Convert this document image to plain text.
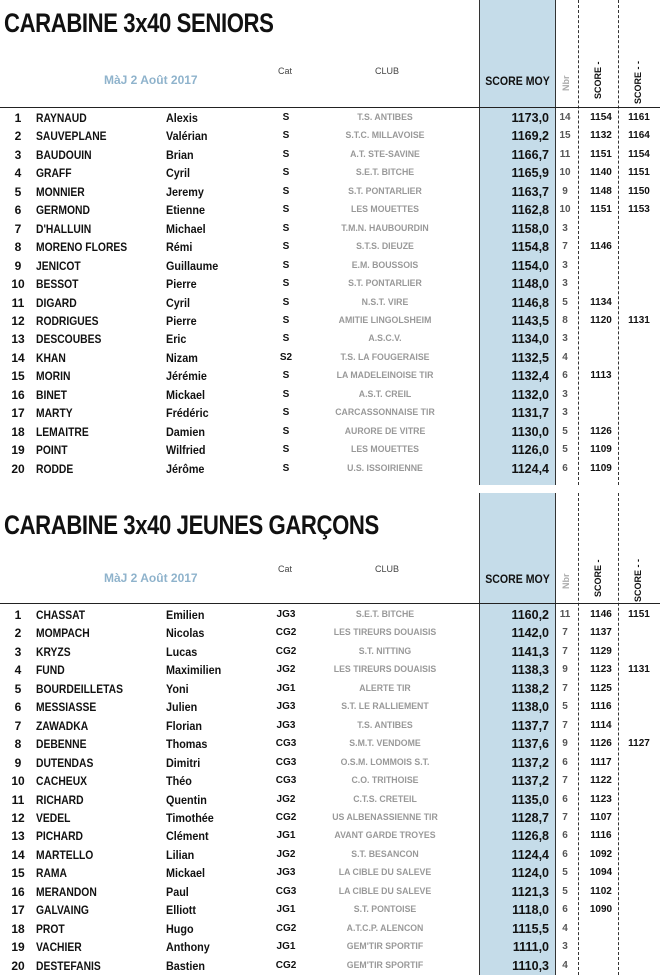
CARABINE 3x40 SENIORS
MàJ 2 Août 2017
Cat	CLUB
SCORE MOY Nbr SCORE -	SCORE - -
1	RAYNAUD	Alexis	S	T.S. ANTIBES	1173,0 14	1154	1161
2	SAUVEPLANE	Valérian	S	S.T.C. MILLAVOISE	1169,2 15	1132	1164
3	BAUDOUIN	Brian	S	A.T. STE-SAVINE	1166,7 11	1151	1154
4	GRAFF	Cyril	S	S.E.T. BITCHE	1165,9 10	1140	1151
5	MONNIER	Jeremy	S	S.T. PONTARLIER	1163,7	9	1148	1150
6	GERMOND	Etienne	S	LES MOUETTES	1162,8 10	1151	1153
7	D'HALLUIN	Michael	S	T.M.N. HAUBOURDIN	1158,0	3
8	MORENO FLORES	Rémi	S	S.T.S. DIEUZE	1154,8	7	1146
9	JENICOT	Guillaume	S	E.M. BOUSSOIS	1154,0	3
10 BESSOT	Pierre	S	S.T. PONTARLIER	1148,0	3
11 DIGARD	Cyril	S	N.S.T. VIRE	1146,8	5	1134
12 RODRIGUES	Pierre	S	AMITIE LINGOLSHEIM	1143,5	8	1120	1131
13 DESCOUBES	Eric	S	A.S.C.V.	1134,0	3
14 KHAN	Nizam	S2	T.S. LA FOUGERAISE	1132,5	4
15 MORIN	Jérémie	S	LA MADELEINOISE TIR	1132,4	6	1113
16 BINET	Mickael	S	A.S.T. CREIL	1132,0	3
17 MARTY	Frédéric	S	CARCASSONNAISE TIR	1131,7	3
18 LEMAITRE	Damien	S	AURORE DE VITRE	1130,0	5	1126
19 POINT	Wilfried	S	LES MOUETTES	1126,0	5	1109
20 RODDE	Jérôme	S	U.S. ISSOIRIENNE	1124,4	6	1109
CARABINE 3x40 JEUNES GARÇONS
MàJ 2 Août 2017
Cat	CLUB
SCORE MOY Nbr SCORE -	SCORE - -
1	CHASSAT	Emilien	JG3	S.E.T. BITCHE	1160,2 11	1146	1151
2	MOMPACH	Nicolas	CG2	LES TIREURS DOUAISIS	1142,0	7	1137
3	KRYZS	Lucas	CG2	S.T. NITTING	1141,3	7	1129
4	FUND	Maximilien	JG2	LES TIREURS DOUAISIS	1138,3	9	1123	1131
5	BOURDEILLETAS	Yoni	JG1	ALERTE TIR	1138,2	7	1125
6	MESSIASSE	Julien	JG3	S.T. LE RALLIEMENT	1138,0	5	1116
7	ZAWADKA	Florian	JG3	T.S. ANTIBES	1137,7	7	1114
8	DEBENNE	Thomas	CG3	S.M.T. VENDOME	1137,6	9	1126	1127
9	DUTENDAS	Dimitri	CG3	O.S.M. LOMMOIS S.T.	1137,2	6	1117
10 CACHEUX	Théo	CG3	C.O. TRITHOISE	1137,2	7	1122
11 RICHARD	Quentin	JG2	C.T.S. CRETEIL	1135,0	6	1123
12 VEDEL	Timothée	CG2	US ALBENASSIENNE TIR	1128,7	7	1107
13 PICHARD	Clément	JG1	AVANT GARDE TROYES	1126,8	6	1116
14 MARTELLO	Lilian	JG2	S.T. BESANCON	1124,4	6	1092
15 RAMA	Mickael	JG3	LA CIBLE DU SALEVE	1124,0	5	1094
16 MERANDON	Paul	CG3	LA CIBLE DU SALEVE	1121,3	5	1102
17 GALVAING	Elliott	JG1	S.T. PONTOISE	1118,0	6	1090
18 PROT	Hugo	CG2	A.T.C.P. ALENCON	1115,5	4
19 VACHIER	Anthony	JG1	GEM'TIR SPORTIF	1111,0	3
20 DESTEFANIS	Bastien	CG2	GEM'TIR SPORTIF	1110,3	4
